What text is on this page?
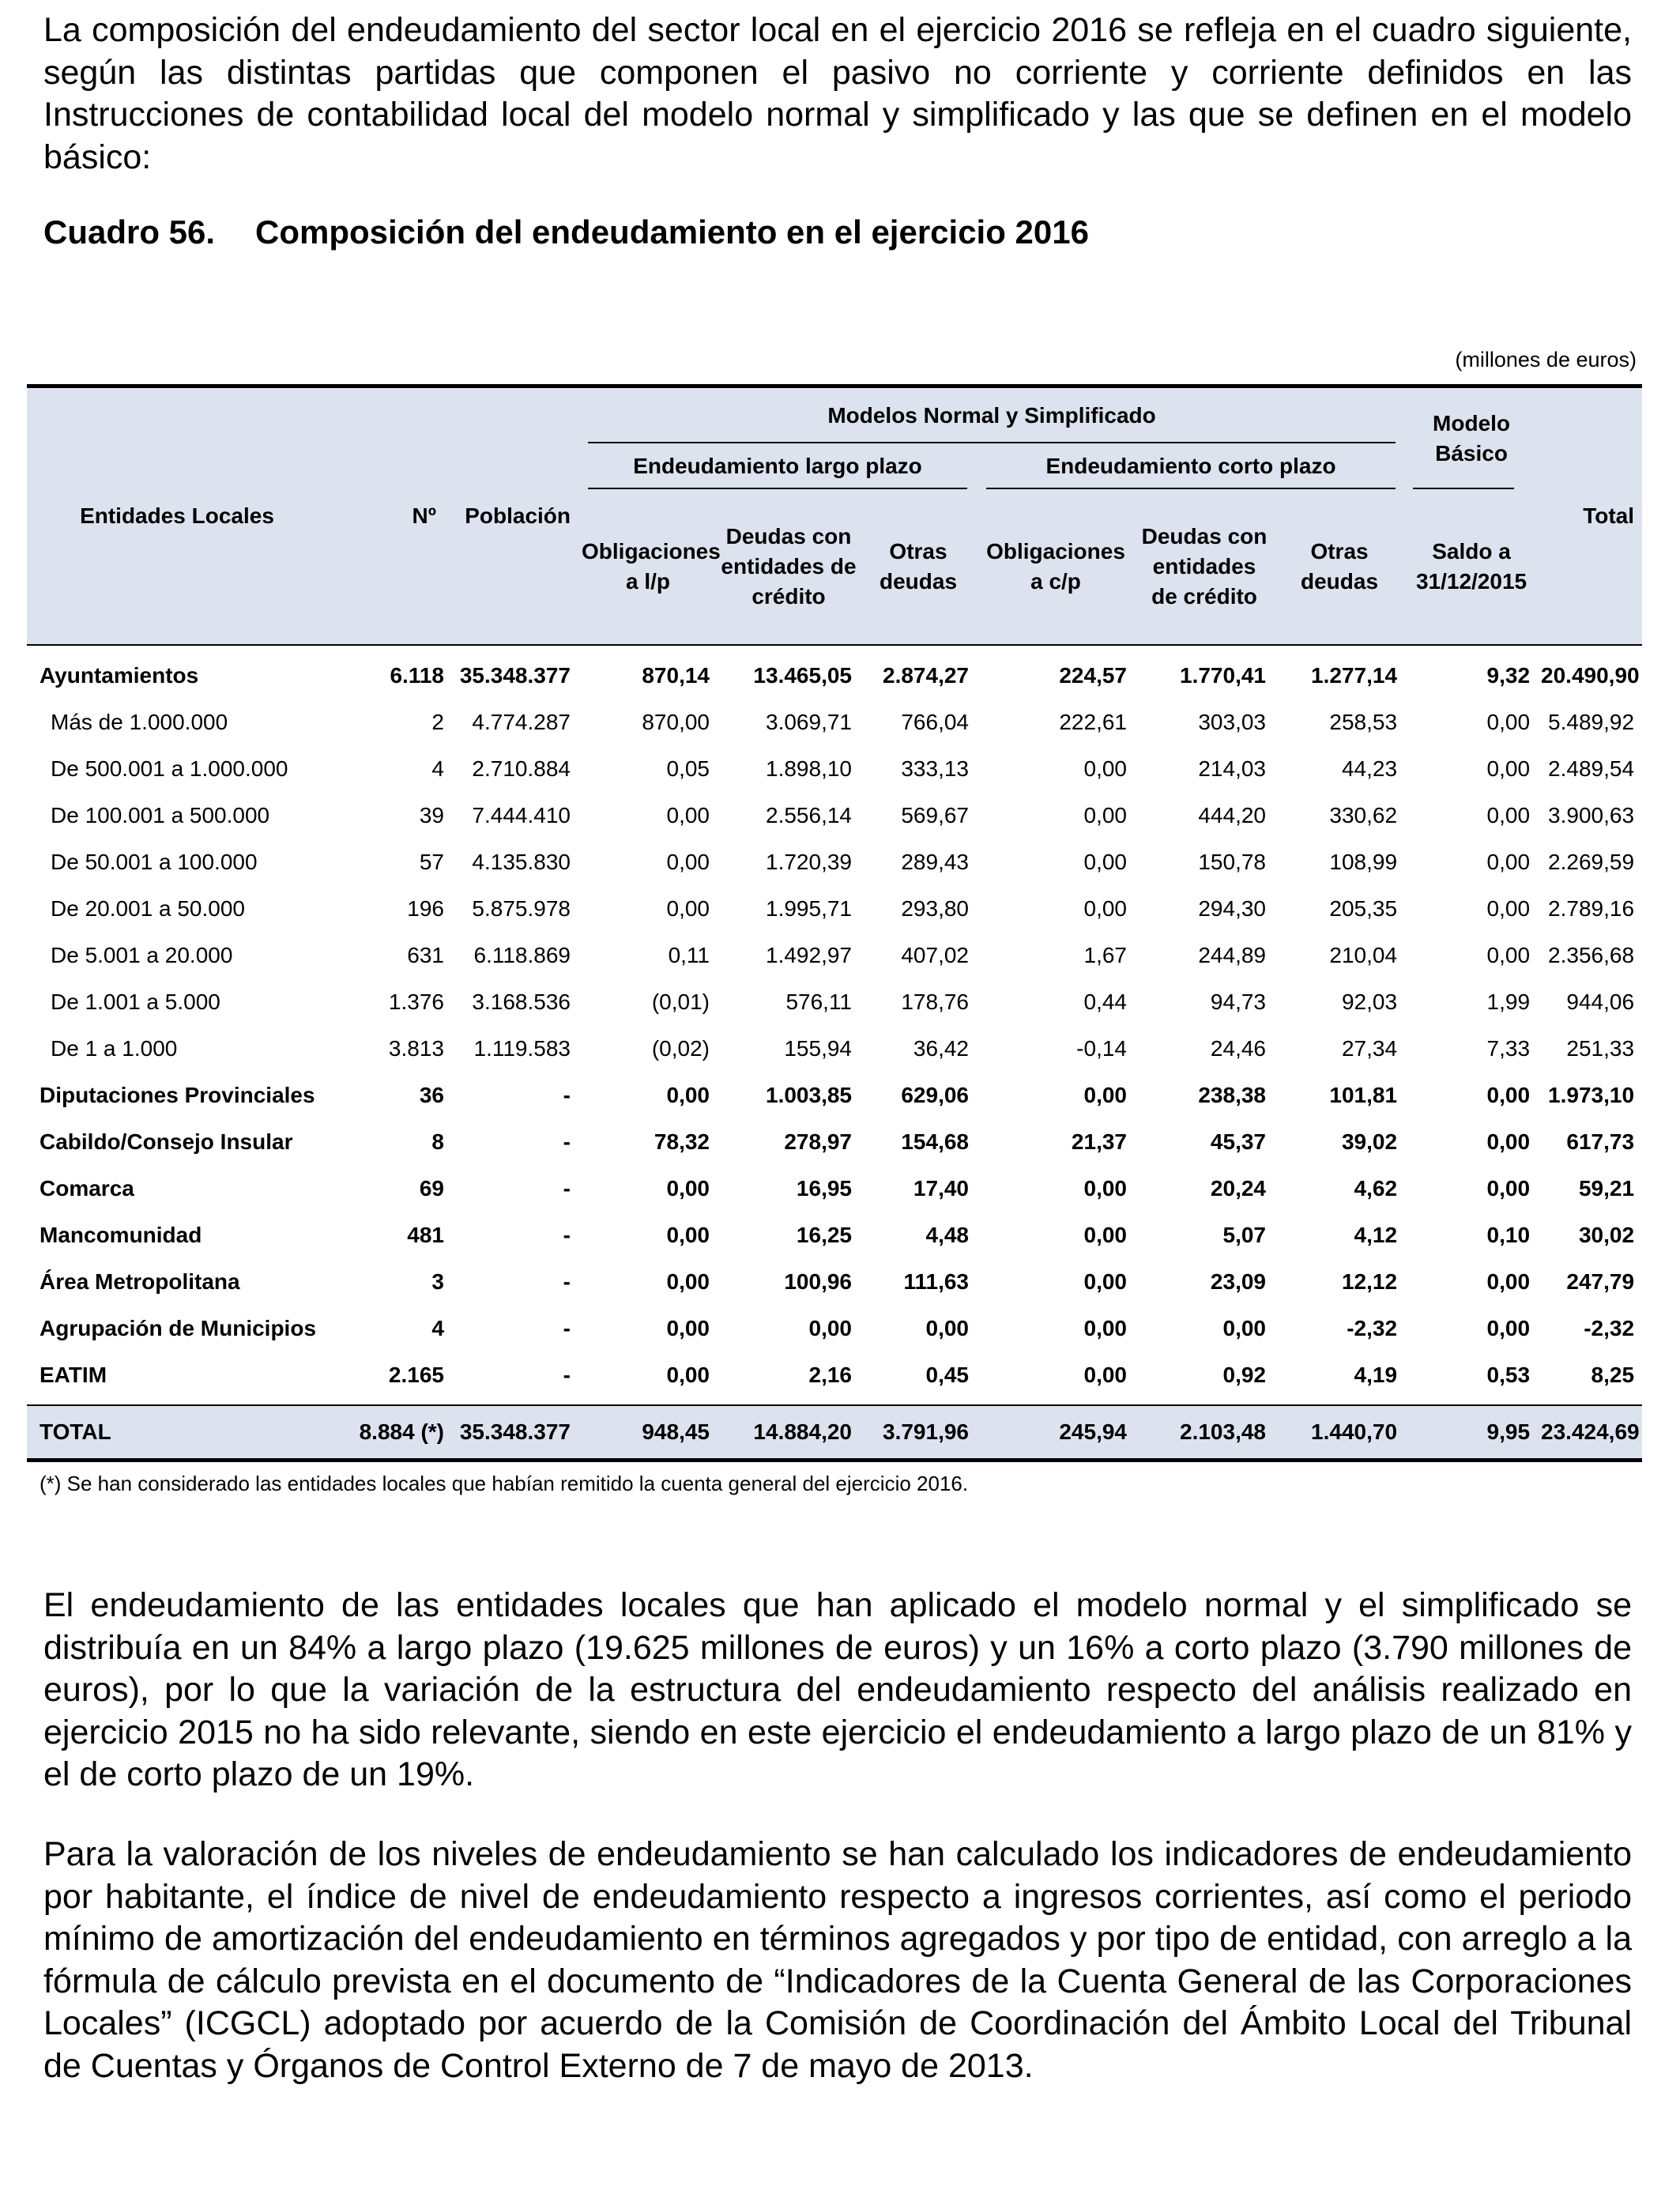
La composición del endeudamiento del sector local en el ejercicio 2016 se refleja en el cuadro siguiente, según las distintas partidas que componen el pasivo no corriente y corriente definidos en las Instrucciones de contabilidad local del modelo normal y simplificado y las que se definen en el modelo básico:

Cuadro 56. Composición del endeudamiento en el ejercicio 2016

(millones de euros)
Entidades Locales	Nº	Población	Modelos Normal y Simplificado						Modelo Básico	Total
			Endeudamiento largo plazo			Endeudamiento corto plazo				
			Obligaciones a l/p	Deudas con entidades de crédito	Otras deudas	Obligaciones a c/p	Deudas con entidades de crédito	Otras deudas	Saldo a 31/12/2015	
Ayuntamientos	6.118	35.348.377	870,14	13.465,05	2.874,27	224,57	1.770,41	1.277,14	9,32	20.490,90
Más de 1.000.000	2	4.774.287	870,00	3.069,71	766,04	222,61	303,03	258,53	0,00	5.489,92
De 500.001 a 1.000.000	4	2.710.884	0,05	1.898,10	333,13	0,00	214,03	44,23	0,00	2.489,54
De 100.001 a 500.000	39	7.444.410	0,00	2.556,14	569,67	0,00	444,20	330,62	0,00	3.900,63
De 50.001 a 100.000	57	4.135.830	0,00	1.720,39	289,43	0,00	150,78	108,99	0,00	2.269,59
De 20.001 a 50.000	196	5.875.978	0,00	1.995,71	293,80	0,00	294,30	205,35	0,00	2.789,16
De 5.001 a 20.000	631	6.118.869	0,11	1.492,97	407,02	1,67	244,89	210,04	0,00	2.356,68
De 1.001 a 5.000	1.376	3.168.536	(0,01)	576,11	178,76	0,44	94,73	92,03	1,99	944,06
De 1 a 1.000	3.813	1.119.583	(0,02)	155,94	36,42	-0,14	24,46	27,34	7,33	251,33
Diputaciones Provinciales	36	-	0,00	1.003,85	629,06	0,00	238,38	101,81	0,00	1.973,10
Cabildo/Consejo Insular	8	-	78,32	278,97	154,68	21,37	45,37	39,02	0,00	617,73
Comarca	69	-	0,00	16,95	17,40	0,00	20,24	4,62	0,00	59,21
Mancomunidad	481	-	0,00	16,25	4,48	0,00	5,07	4,12	0,10	30,02
Área Metropolitana	3	-	0,00	100,96	111,63	0,00	23,09	12,12	0,00	247,79
Agrupación de Municipios	4	-	0,00	0,00	0,00	0,00	0,00	-2,32	0,00	-2,32
EATIM	2.165	-	0,00	2,16	0,45	0,00	0,92	4,19	0,53	8,25
TOTAL	8.884 (*)	35.348.377	948,45	14.884,20	3.791,96	245,94	2.103,48	1.440,70	9,95	23.424,69
(*) Se han considerado las entidades locales que habían remitido la cuenta general del ejercicio 2016.

El endeudamiento de las entidades locales que han aplicado el modelo normal y el simplificado se distribuía en un 84% a largo plazo (19.625 millones de euros) y un 16% a corto plazo (3.790 millones de euros), por lo que la variación de la estructura del endeudamiento respecto del análisis realizado en ejercicio 2015 no ha sido relevante, siendo en este ejercicio el endeudamiento a largo plazo de un 81% y el de corto plazo de un 19%.

Para la valoración de los niveles de endeudamiento se han calculado los indicadores de endeudamiento por habitante, el índice de nivel de endeudamiento respecto a ingresos corrientes, así como el periodo mínimo de amortización del endeudamiento en términos agregados y por tipo de entidad, con arreglo a la fórmula de cálculo prevista en el documento de “Indicadores de la Cuenta General de las Corporaciones Locales” (ICGCL) adoptado por acuerdo de la Comisión de Coordinación del Ámbito Local del Tribunal de Cuentas y Órganos de Control Externo de 7 de mayo de 2013.
